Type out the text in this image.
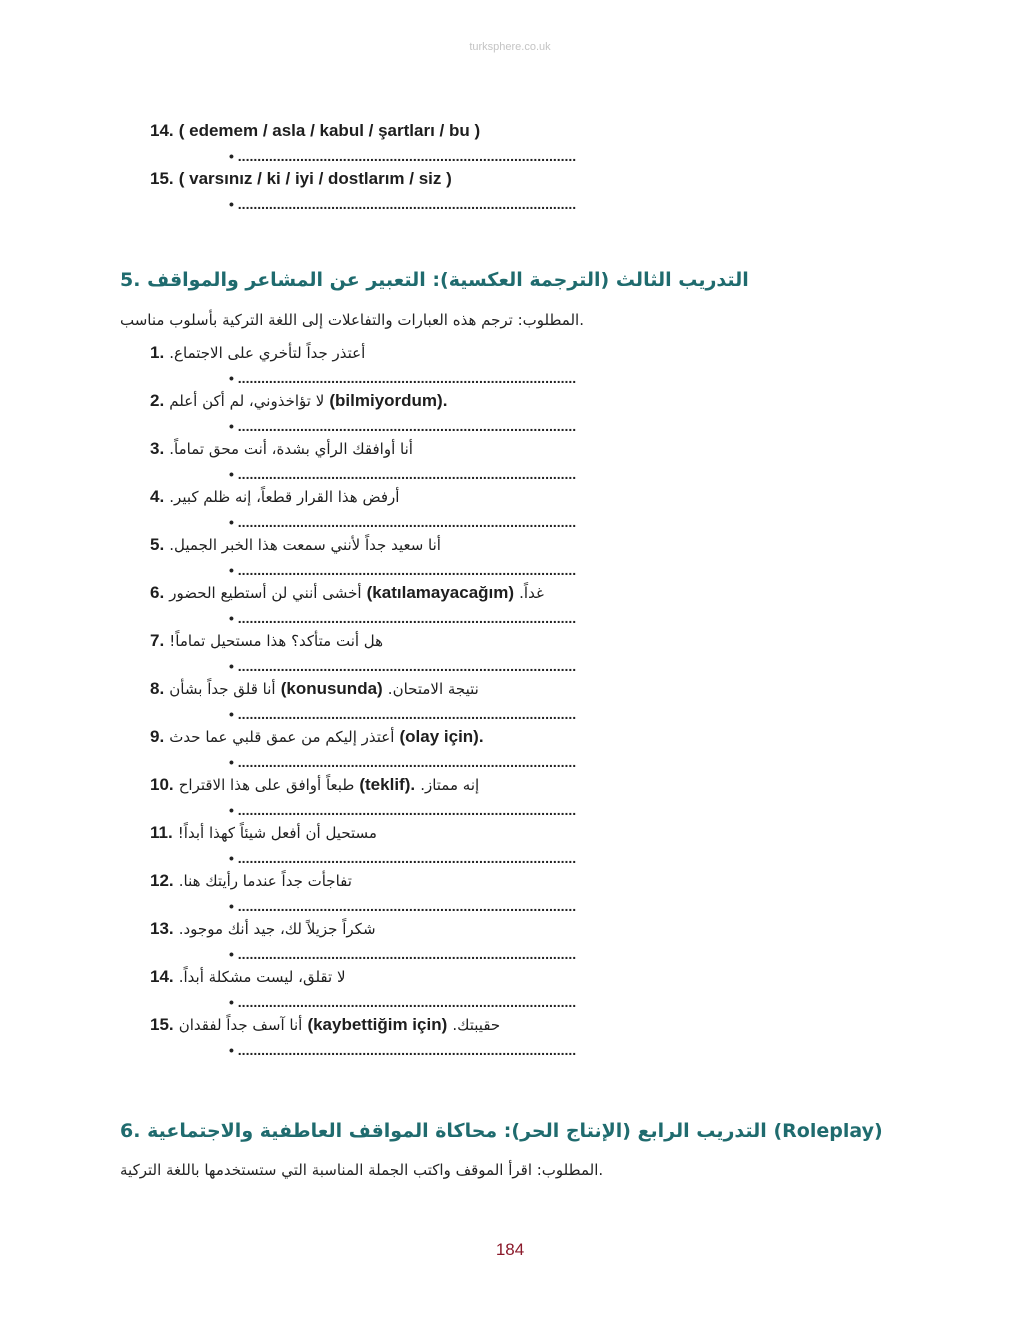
turksphere.co.uk
14. ( edemem / asla / kabul / şartları / bu )
• .......................................................................................
15. ( varsınız / ki / iyi / dostlarım / siz )
• .......................................................................................
5. التدريب الثالث (الترجمة العكسية): التعبير عن المشاعر والمواقف
المطلوب: ترجم هذه العبارات والتفاعلات إلى اللغة التركية بأسلوب مناسب.
1. أعتذر جداً لتأخري على الاجتماع.
• .......................................................................................
2. لا تؤاخذوني، لم أكن أعلم (bilmiyordum).
• .......................................................................................
3. أنا أوافقك الرأي بشدة، أنت محق تماماً.
• .......................................................................................
4. أرفض هذا القرار قطعاً، إنه ظلم كبير.
• .......................................................................................
5. أنا سعيد جداً لأنني سمعت هذا الخبر الجميل.
• .......................................................................................
6. أخشى أنني لن أستطيع الحضور (katılamayacağım) غداً.
• .......................................................................................
7. هل أنت متأكد؟ هذا مستحيل تماماً!
• .......................................................................................
8. أنا قلق جداً بشأن (konusunda) نتيجة الامتحان.
• .......................................................................................
9. أعتذر إليكم من عمق قلبي عما حدث (olay için).
• .......................................................................................
10. طبعاً أوافق على هذا الاقتراح (teklif). إنه ممتاز.
• .......................................................................................
11. مستحيل أن أفعل شيئاً كهذا أبداً!
• .......................................................................................
12. تفاجأت جداً عندما رأيتك هنا.
• .......................................................................................
13. شكراً جزيلاً لك، جيد أنك موجود.
• .......................................................................................
14. لا تقلق، ليست مشكلة أبداً.
• .......................................................................................
15. أنا آسف جداً لفقدان (kaybettiğim için) حقيبتك.
• .......................................................................................
6. التدريب الرابع (الإنتاج الحر): محاكاة المواقف العاطفية والاجتماعية (Roleplay)
المطلوب: اقرأ الموقف واكتب الجملة المناسبة التي ستستخدمها باللغة التركية.
184
